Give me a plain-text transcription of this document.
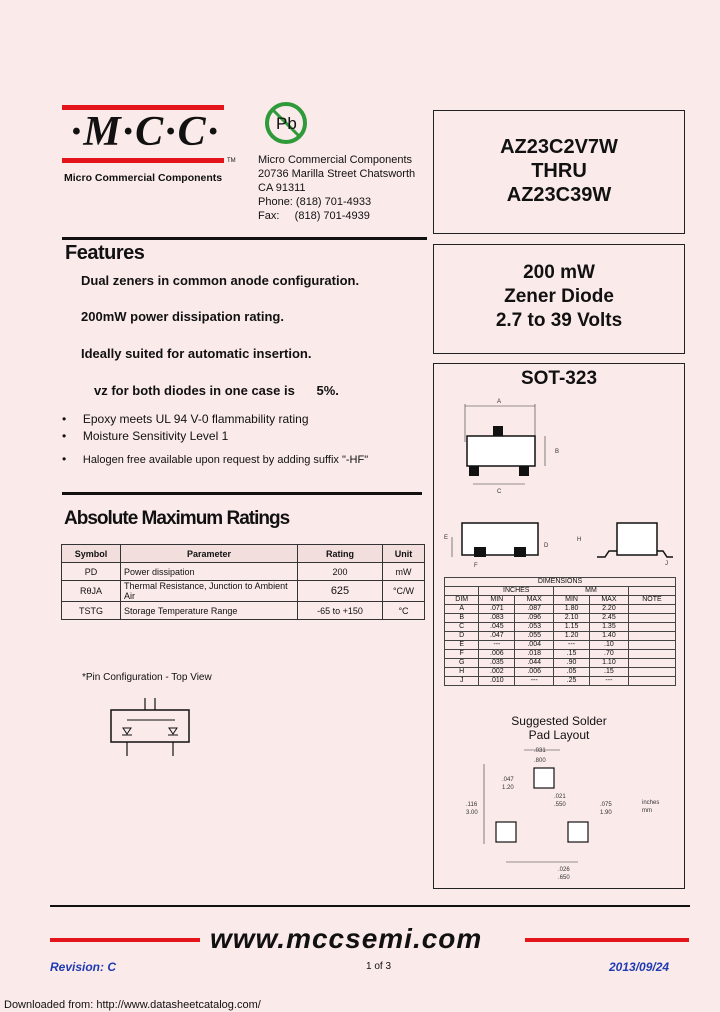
·M·C·C·
TM
Micro Commercial Components
Pb
Micro Commercial Components
20736 Marilla Street Chatsworth
CA 91311
Phone: (818) 701-4933
Fax:     (818) 701-4939
AZ23C2V7W
THRU
AZ23C39W
200 mW
Zener Diode
2.7 to 39 Volts
Features
Dual zeners in common anode configuration.
200mW power dissipation rating.
Ideally suited for automatic insertion.
vz for both diodes in one case is      5%.
•     Epoxy meets UL 94 V-0 flammability rating
•     Moisture Sensitivity Level 1
•     Halogen free available upon request by adding suffix "-HF"
SOT-323
A
B
C
E
F
D
H
J
DIMENSIONS					
	INCHES		MM		
DIM	MIN	MAX	MIN	MAX	NOTE
A	.071	.087	1.80	2.20	
B	.083	.096	2.10	2.45	
C	.045	.053	1.15	1.35	
D	.047	.055	1.20	1.40	
E	---	.004	---	.10	
F	.006	.018	.15	.70	
G	.035	.044	.90	1.10	
H	.002	.006	.05	.15	
J	.010	---	.25	---	
Suggested Solder
Pad Layout
.031
.800
.047
1.20
.116
3.00
.021
.550	.075
1.90
inches
mm
.026
.650
Absolute Maximum Ratings
Symbol	Parameter	Rating	Unit
PD	Power dissipation	200	mW
RθJA	Thermal Resistance, Junction to Ambient Air	625	°C/W
TSTG	Storage Temperature Range	-65 to +150	°C
*Pin Configuration - Top View
www.mccsemi.com
Revision: C	1 of 3	2013/09/24
Downloaded from: http://www.datasheetcatalog.com/
